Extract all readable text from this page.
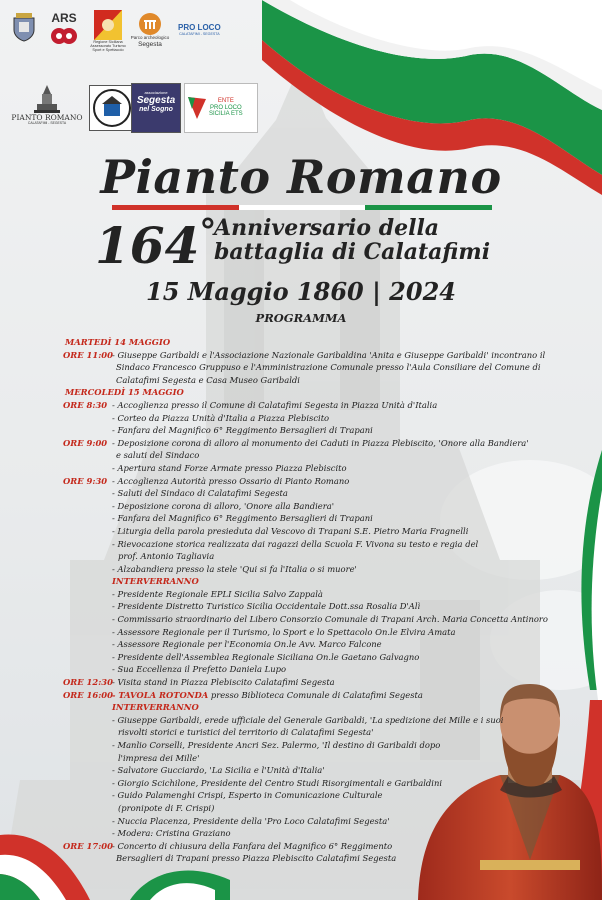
ARS
Regione Siciliana Assessorato Turismo Sport e Spettacolo
Parco archeologico
Segesta
PRO LOCO
CALATAFIMI - SEGESTA
PIANTO ROMANO
CALATAFIMI - SEGESTA
associazione
Segesta
nel Sogno
ENTE
PRO LOCO
SICILIA ETS
Pianto Romano
164°
Anniversario della
battaglia di Calatafimi
15 Maggio 1860 | 2024
PROGRAMMA
MARTEDÌ 14 MAGGIO
ORE 11:00 - Giuseppe Garibaldi e l'Associazione Nazionale Garibaldina 'Anita e Giuseppe Garibaldi' incontrano il
Sindaco Francesco Gruppuso e l'Amministrazione Comunale presso l'Aula Consiliare del Comune di
Calatafimi Segesta e Casa Museo Garibaldi
MERCOLEDÌ 15 MAGGIO
ORE 8:30 - Accoglienza presso il Comune di Calatafimi Segesta in Piazza Unità d'Italia
- Corteo da Piazza Unità d'Italia a Piazza Plebiscito
- Fanfara del Magnifico 6° Reggimento Bersaglieri di Trapani
ORE 9:00 - Deposizione corona di alloro al monumento dei Caduti in Piazza Plebiscito, 'Onore alla Bandiera'
e saluti del Sindaco
- Apertura stand Forze Armate presso Piazza Plebiscito
ORE 9:30 - Accoglienza Autorità presso Ossario di Pianto Romano
- Saluti del Sindaco di Calatafimi Segesta
- Deposizione corona di alloro, 'Onore alla Bandiera'
- Fanfara del Magnifico 6° Reggimento Bersaglieri di Trapani
- Liturgia della parola presieduta dal Vescovo di Trapani S.E. Pietro Maria Fragnelli
- Rievocazione storica realizzata dai ragazzi della Scuola F. Vivona su testo e regia del
prof. Antonio Tagliavia
- Alzabandiera presso la stele 'Qui si fa l'Italia o si muore'
INTERVERRANNO
- Presidente Regionale EPLI Sicilia Salvo Zappalà
- Presidente Distretto Turistico Sicilia Occidentale Dott.ssa Rosalia D'Alì
- Commissario straordinario del Libero Consorzio Comunale di Trapani Arch. Maria Concetta Antinoro
- Assessore Regionale per il Turismo, lo Sport e lo Spettacolo On.le Elvira Amata
- Assessore Regionale per l'Economia On.le Avv. Marco Falcone
- Presidente dell'Assemblea Regionale Siciliana On.le Gaetano Galvagno
- Sua Eccellenza il Prefetto Daniela Lupo
ORE 12:30 - Visita stand in Piazza Plebiscito Calatafimi Segesta
ORE 16:00 - TAVOLA ROTONDA presso Biblioteca Comunale di Calatafimi Segesta
INTERVERRANNO
- Giuseppe Garibaldi, erede ufficiale del Generale Garibaldi, 'La spedizione dei Mille e i suoi
risvolti storici e turistici del territorio di Calatafimi Segesta'
- Manlio Corselli, Presidente Ancri Sez. Palermo, 'Il destino di Garibaldi dopo
l'impresa dei Mille'
- Salvatore Gucciardo, 'La Sicilia e l'Unità d'Italia'
- Giorgio Scichilone, Presidente del Centro Studi Risorgimentali e Garibaldini
- Guido Palamenghi Crispi, Esperto in Comunicazione Culturale
(pronipote di F. Crispi)
- Nuccia Placenza, Presidente della 'Pro Loco Calatafimi Segesta'
- Modera: Cristina Graziano
ORE 17:00 - Concerto di chiusura della Fanfara del Magnifico 6° Reggimento
Bersaglieri di Trapani presso Piazza Plebiscito Calatafimi Segesta
